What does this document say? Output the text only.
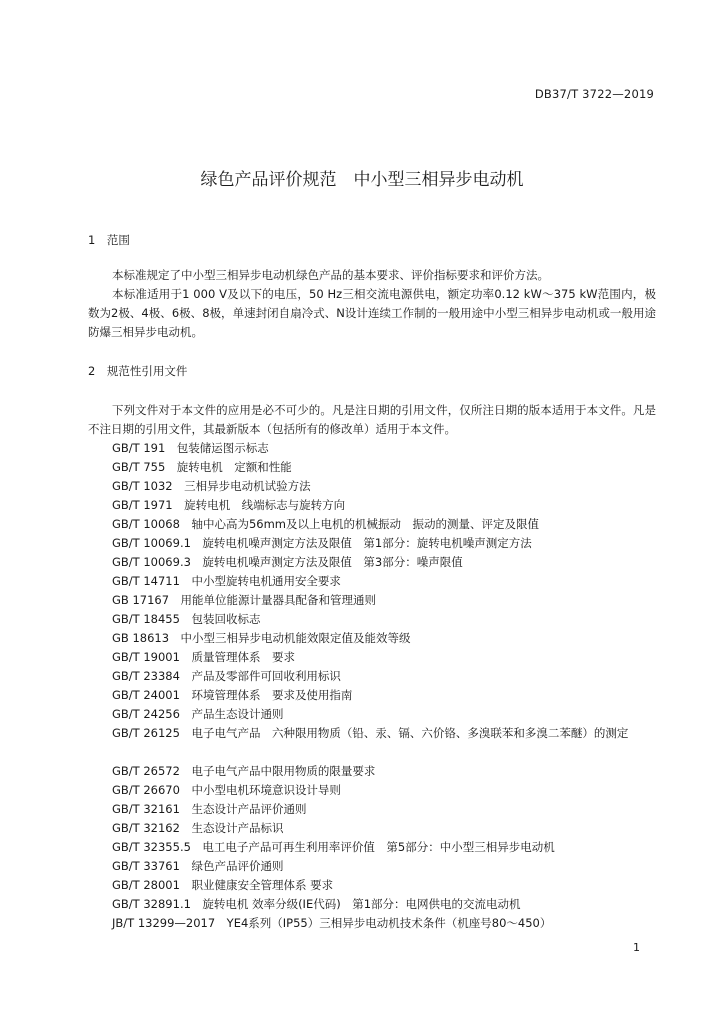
DB37/T 3722—2019
绿色产品评价规范　中小型三相异步电动机
1　范围
本标准规定了中小型三相异步电动机绿色产品的基本要求、评价指标要求和评价方法。
本标准适用于1 000 V及以下的电压，50 Hz三相交流电源供电，额定功率0.12 kW～375 kW范围内，极数为2极、4极、6极、8极，单速封闭自扇冷式、N设计连续工作制的一般用途中小型三相异步电动机或一般用途防爆三相异步电动机。
2　规范性引用文件
下列文件对于本文件的应用是必不可少的。凡是注日期的引用文件，仅所注日期的版本适用于本文件。凡是不注日期的引用文件，其最新版本（包括所有的修改单）适用于本文件。
GB/T 191　包装储运图示标志
GB/T 755　旋转电机　定额和性能
GB/T 1032　三相异步电动机试验方法
GB/T 1971　旋转电机　线端标志与旋转方向
GB/T 10068　轴中心高为56mm及以上电机的机械振动　振动的测量、评定及限值
GB/T 10069.1　旋转电机噪声测定方法及限值　第1部分：旋转电机噪声测定方法
GB/T 10069.3　旋转电机噪声测定方法及限值　第3部分：噪声限值
GB/T 14711　中小型旋转电机通用安全要求
GB 17167　用能单位能源计量器具配备和管理通则
GB/T 18455　包装回收标志
GB 18613　中小型三相异步电动机能效限定值及能效等级
GB/T 19001　质量管理体系　要求
GB/T 23384　产品及零部件可回收利用标识
GB/T 24001　环境管理体系　要求及使用指南
GB/T 24256　产品生态设计通则
GB/T 26125　电子电气产品　六种限用物质（铅、汞、镉、六价铬、多溴联苯和多溴二苯醚）的测定
GB/T 26572　电子电气产品中限用物质的限量要求
GB/T 26670　中小型电机环境意识设计导则
GB/T 32161　生态设计产品评价通则
GB/T 32162　生态设计产品标识
GB/T 32355.5　电工电子产品可再生利用率评价值　第5部分：中小型三相异步电动机
GB/T 33761　绿色产品评价通则
GB/T 28001　职业健康安全管理体系 要求
GB/T 32891.1　旋转电机 效率分级(IE代码)　第1部分：电网供电的交流电动机
JB/T 13299—2017　YE4系列（IP55）三相异步电动机技术条件（机座号80～450）
1
